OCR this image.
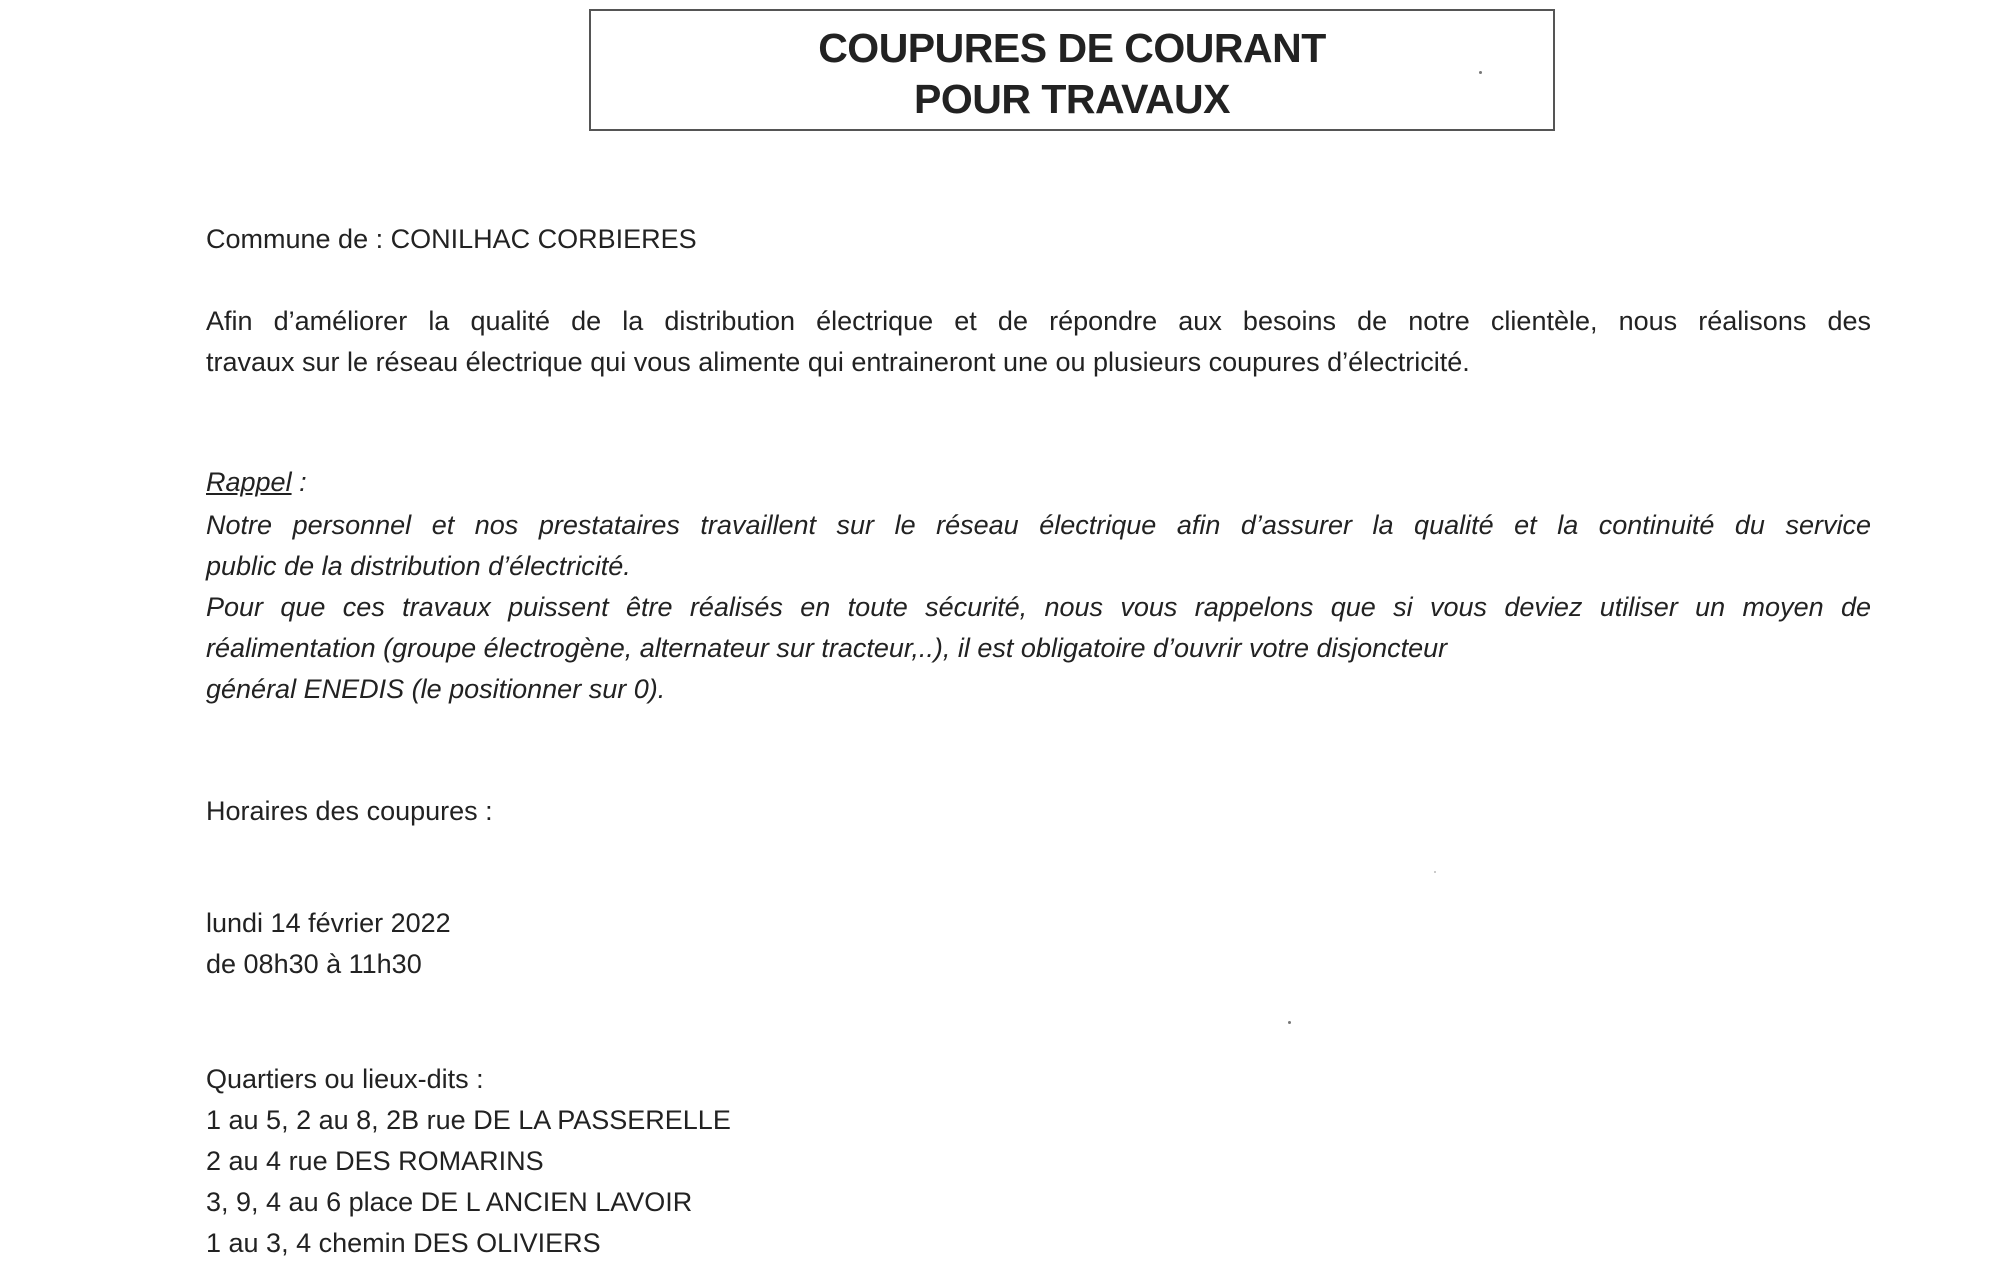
COUPURES DE COURANT
POUR TRAVAUX
Commune de : CONILHAC CORBIERES
Afin d’améliorer la qualité de la distribution électrique et de répondre aux besoins de notre clientèle, nous réalisons des
travaux sur le réseau électrique qui vous alimente qui entraineront une ou plusieurs coupures d’électricité.
Rappel :
Notre personnel et nos prestataires travaillent sur le réseau électrique afin d’assurer la qualité et la continuité du service
public de la distribution d’électricité.
Pour que ces travaux puissent être réalisés en toute sécurité, nous vous rappelons que si vous deviez utiliser un moyen de
réalimentation (groupe électrogène, alternateur sur tracteur,..), il est obligatoire d’ouvrir votre disjoncteur
général ENEDIS (le positionner sur 0).
Horaires des coupures :
lundi 14 février 2022
de 08h30 à 11h30
Quartiers ou lieux-dits :
1 au 5, 2 au 8, 2B rue DE LA PASSERELLE
2 au 4 rue DES ROMARINS
3, 9, 4 au 6 place DE L ANCIEN LAVOIR
1 au 3, 4 chemin DES OLIVIERS
